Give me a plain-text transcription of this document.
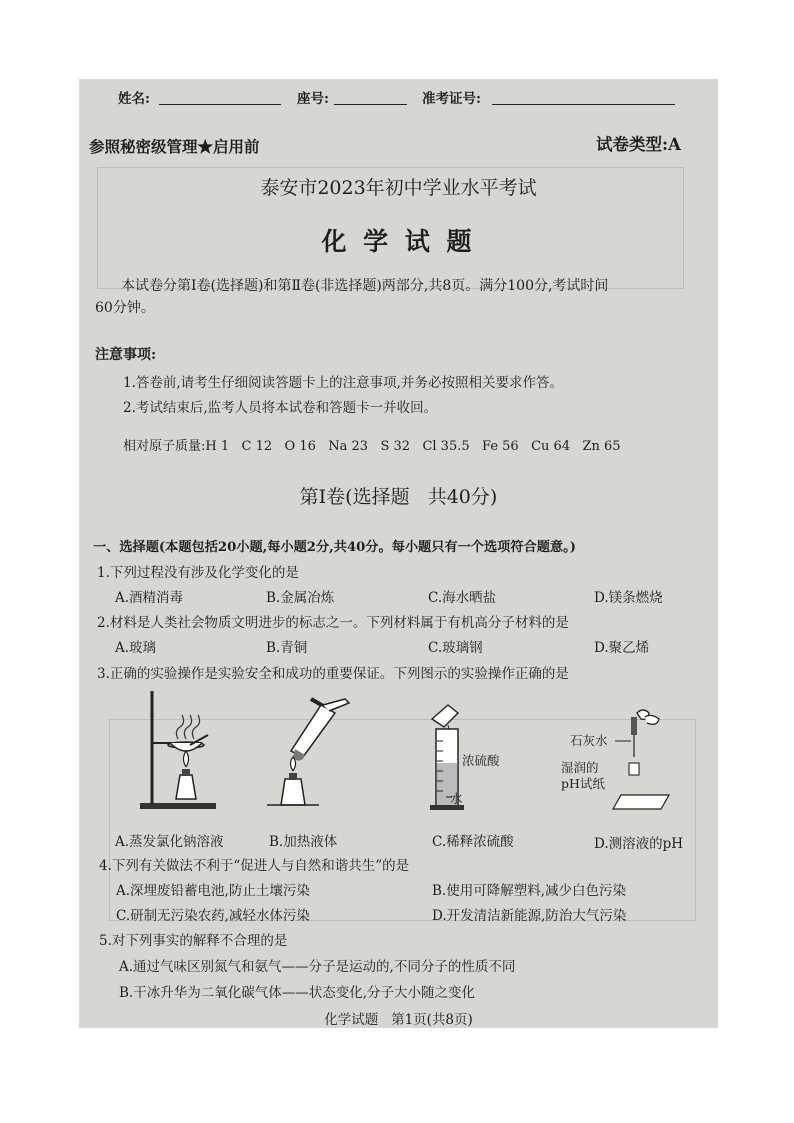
姓名:	座号:	准考证号:
参照秘密级管理★启用前	试卷类型:A
泰安市2023年初中学业水平考试
化 学 试 题

本试卷分第Ⅰ卷(选择题)和第Ⅱ卷(非选择题)两部分,共8页。满分100分,考试时间

60分钟。

注意事项:
1.答卷前,请考生仔细阅读答题卡上的注意事项,并务必按照相关要求作答。
2.考试结束后,监考人员将本试卷和答题卡一并收回。
相对原子质量:H 1   C 12   O 16   Na 23   S 32   Cl 35.5   Fe 56   Cu 64   Zn 65
第Ⅰ卷(选择题   共40分)
一、选择题(本题包括20小题,每小题2分,共40分。每小题只有一个选项符合题意。)
1.下列过程没有涉及化学变化的是
A.酒精消毒	B.金属冶炼	C.海水晒盐	D.镁条燃烧
2.材料是人类社会物质文明进步的标志之一。下列材料属于有机高分子材料的是
A.玻璃	B.青铜	C.玻璃钢	D.聚乙烯
3.正确的实验操作是实验安全和成功的重要保证。下列图示的实验操作正确的是
浓硫酸
水
石灰水
湿润的
pH试纸
A.蒸发氯化钠溶液	B.加热液体	C.稀释浓硫酸	D.测溶液的pH
4.下列有关做法不利于“促进人与自然和谐共生”的是
A.深埋废铅蓄电池,防止土壤污染	B.使用可降解塑料,减少白色污染
C.研制无污染农药,减轻水体污染	D.开发清洁新能源,防治大气污染
5.对下列事实的解释不合理的是
A.通过气味区别氮气和氨气——分子是运动的,不同分子的性质不同
B.干冰升华为二氧化碳气体——状态变化,分子大小随之变化
化学试题   第1页(共8页)
